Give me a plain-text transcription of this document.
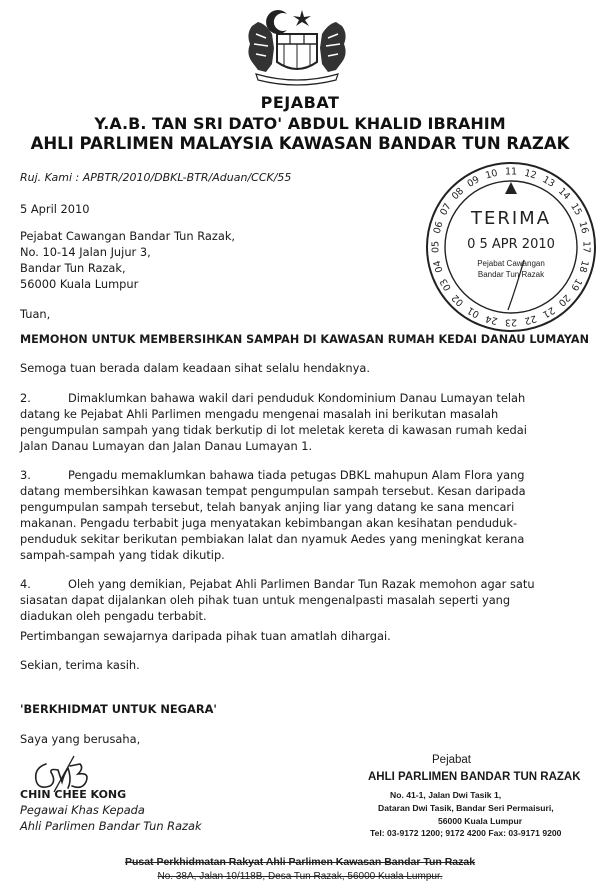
PEJABAT
Y.A.B. TAN SRI DATO' ABDUL KHALID IBRAHIM
AHLI PARLIMEN MALAYSIA KAWASAN BANDAR TUN RAZAK
Ruj. Kami : APBTR/2010/DBKL-BTR/Aduan/CCK/55
5 April 2010
Pejabat Cawangan Bandar Tun Razak,
No. 10-14 Jalan Jujur 3,
Bandar Tun Razak,
56000 Kuala Lumpur
Tuan,
MEMOHON UNTUK MEMBERSIHKAN SAMPAH DI KAWASAN RUMAH KEDAI DANAU LUMAYAN
Semoga tuan berada dalam keadaan sihat selalu hendaknya.
2.	Dimaklumkan bahawa wakil dari penduduk Kondominium Danau Lumayan telah
datang ke Pejabat Ahli Parlimen mengadu mengenai masalah ini berikutan masalah
pengumpulan sampah yang tidak berkutip di lot meletak kereta di kawasan rumah kedai
Jalan Danau Lumayan dan Jalan Danau Lumayan 1.
3.	Pengadu memaklumkan bahawa tiada petugas DBKL mahupun Alam Flora yang
datang membersihkan kawasan tempat pengumpulan sampah tersebut. Kesan daripada
pengumpulan sampah tersebut, telah banyak anjing liar yang datang ke sana mencari
makanan. Pengadu terbabit juga menyatakan kebimbangan akan kesihatan penduduk-
penduduk sekitar berikutan pembiakan lalat dan nyamuk Aedes yang meningkat kerana
sampah-sampah yang tidak dikutip.
4.	Oleh yang demikian, Pejabat Ahli Parlimen Bandar Tun Razak memohon agar satu
siasatan dapat dijalankan oleh pihak tuan untuk mengenalpasti masalah seperti yang
diadukan oleh pengadu terbabit.
Pertimbangan sewajarnya daripada pihak tuan amatlah dihargai.
Sekian, terima kasih.
'BERKHIDMAT UNTUK NEGARA'
Saya yang berusaha,
CHIN CHEE KONG
Pegawai Khas Kepada
Ahli Parlimen Bandar Tun Razak
11 12 13
14
15
16
17
18
19
20
21
22
23
24
01
02
03
04
05
06
07
08
09 10
TERIMA
0 5 APR 2010
Pejabat Cawangan
Bandar Tun Razak
Pejabat
AHLI PARLIMEN BANDAR TUN RAZAK
No. 41-1, Jalan Dwi Tasik 1,
Dataran Dwi Tasik, Bandar Seri Permaisuri,
56000 Kuala Lumpur
Tel: 03-9172 1200; 9172 4200 Fax: 03-9171 9200
Pusat Perkhidmatan Rakyat Ahli Parlimen Kawasan Bandar Tun Razak
No. 38A, Jalan 10/118B, Desa Tun Razak, 56000 Kuala Lumpur.
